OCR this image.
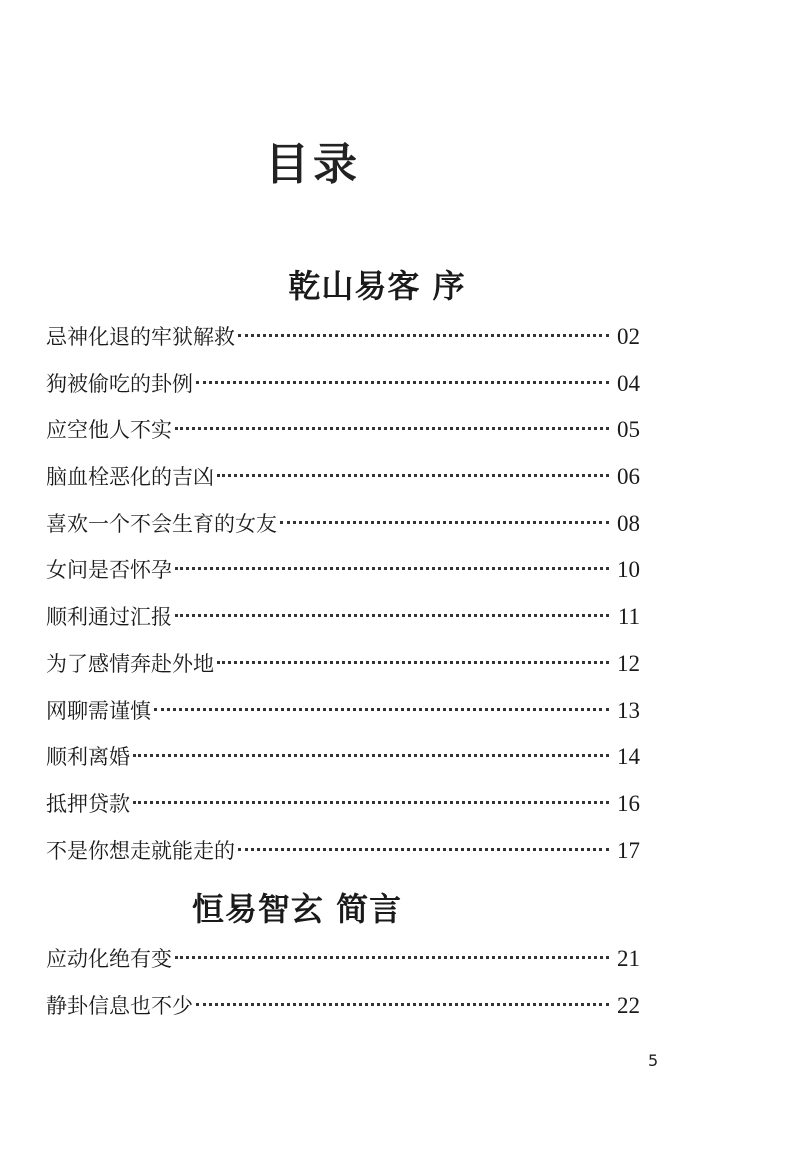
目录
乾山易客 序
忌神化退的牢狱解救	02
狗被偷吃的卦例	04
应空他人不实	05
脑血栓恶化的吉凶	06
喜欢一个不会生育的女友	08
女问是否怀孕	10
顺利通过汇报	11
为了感情奔赴外地	12
网聊需谨慎	13
顺利离婚	14
抵押贷款	16
不是你想走就能走的	17
恒易智玄 简言
应动化绝有变	21
静卦信息也不少	22
5
